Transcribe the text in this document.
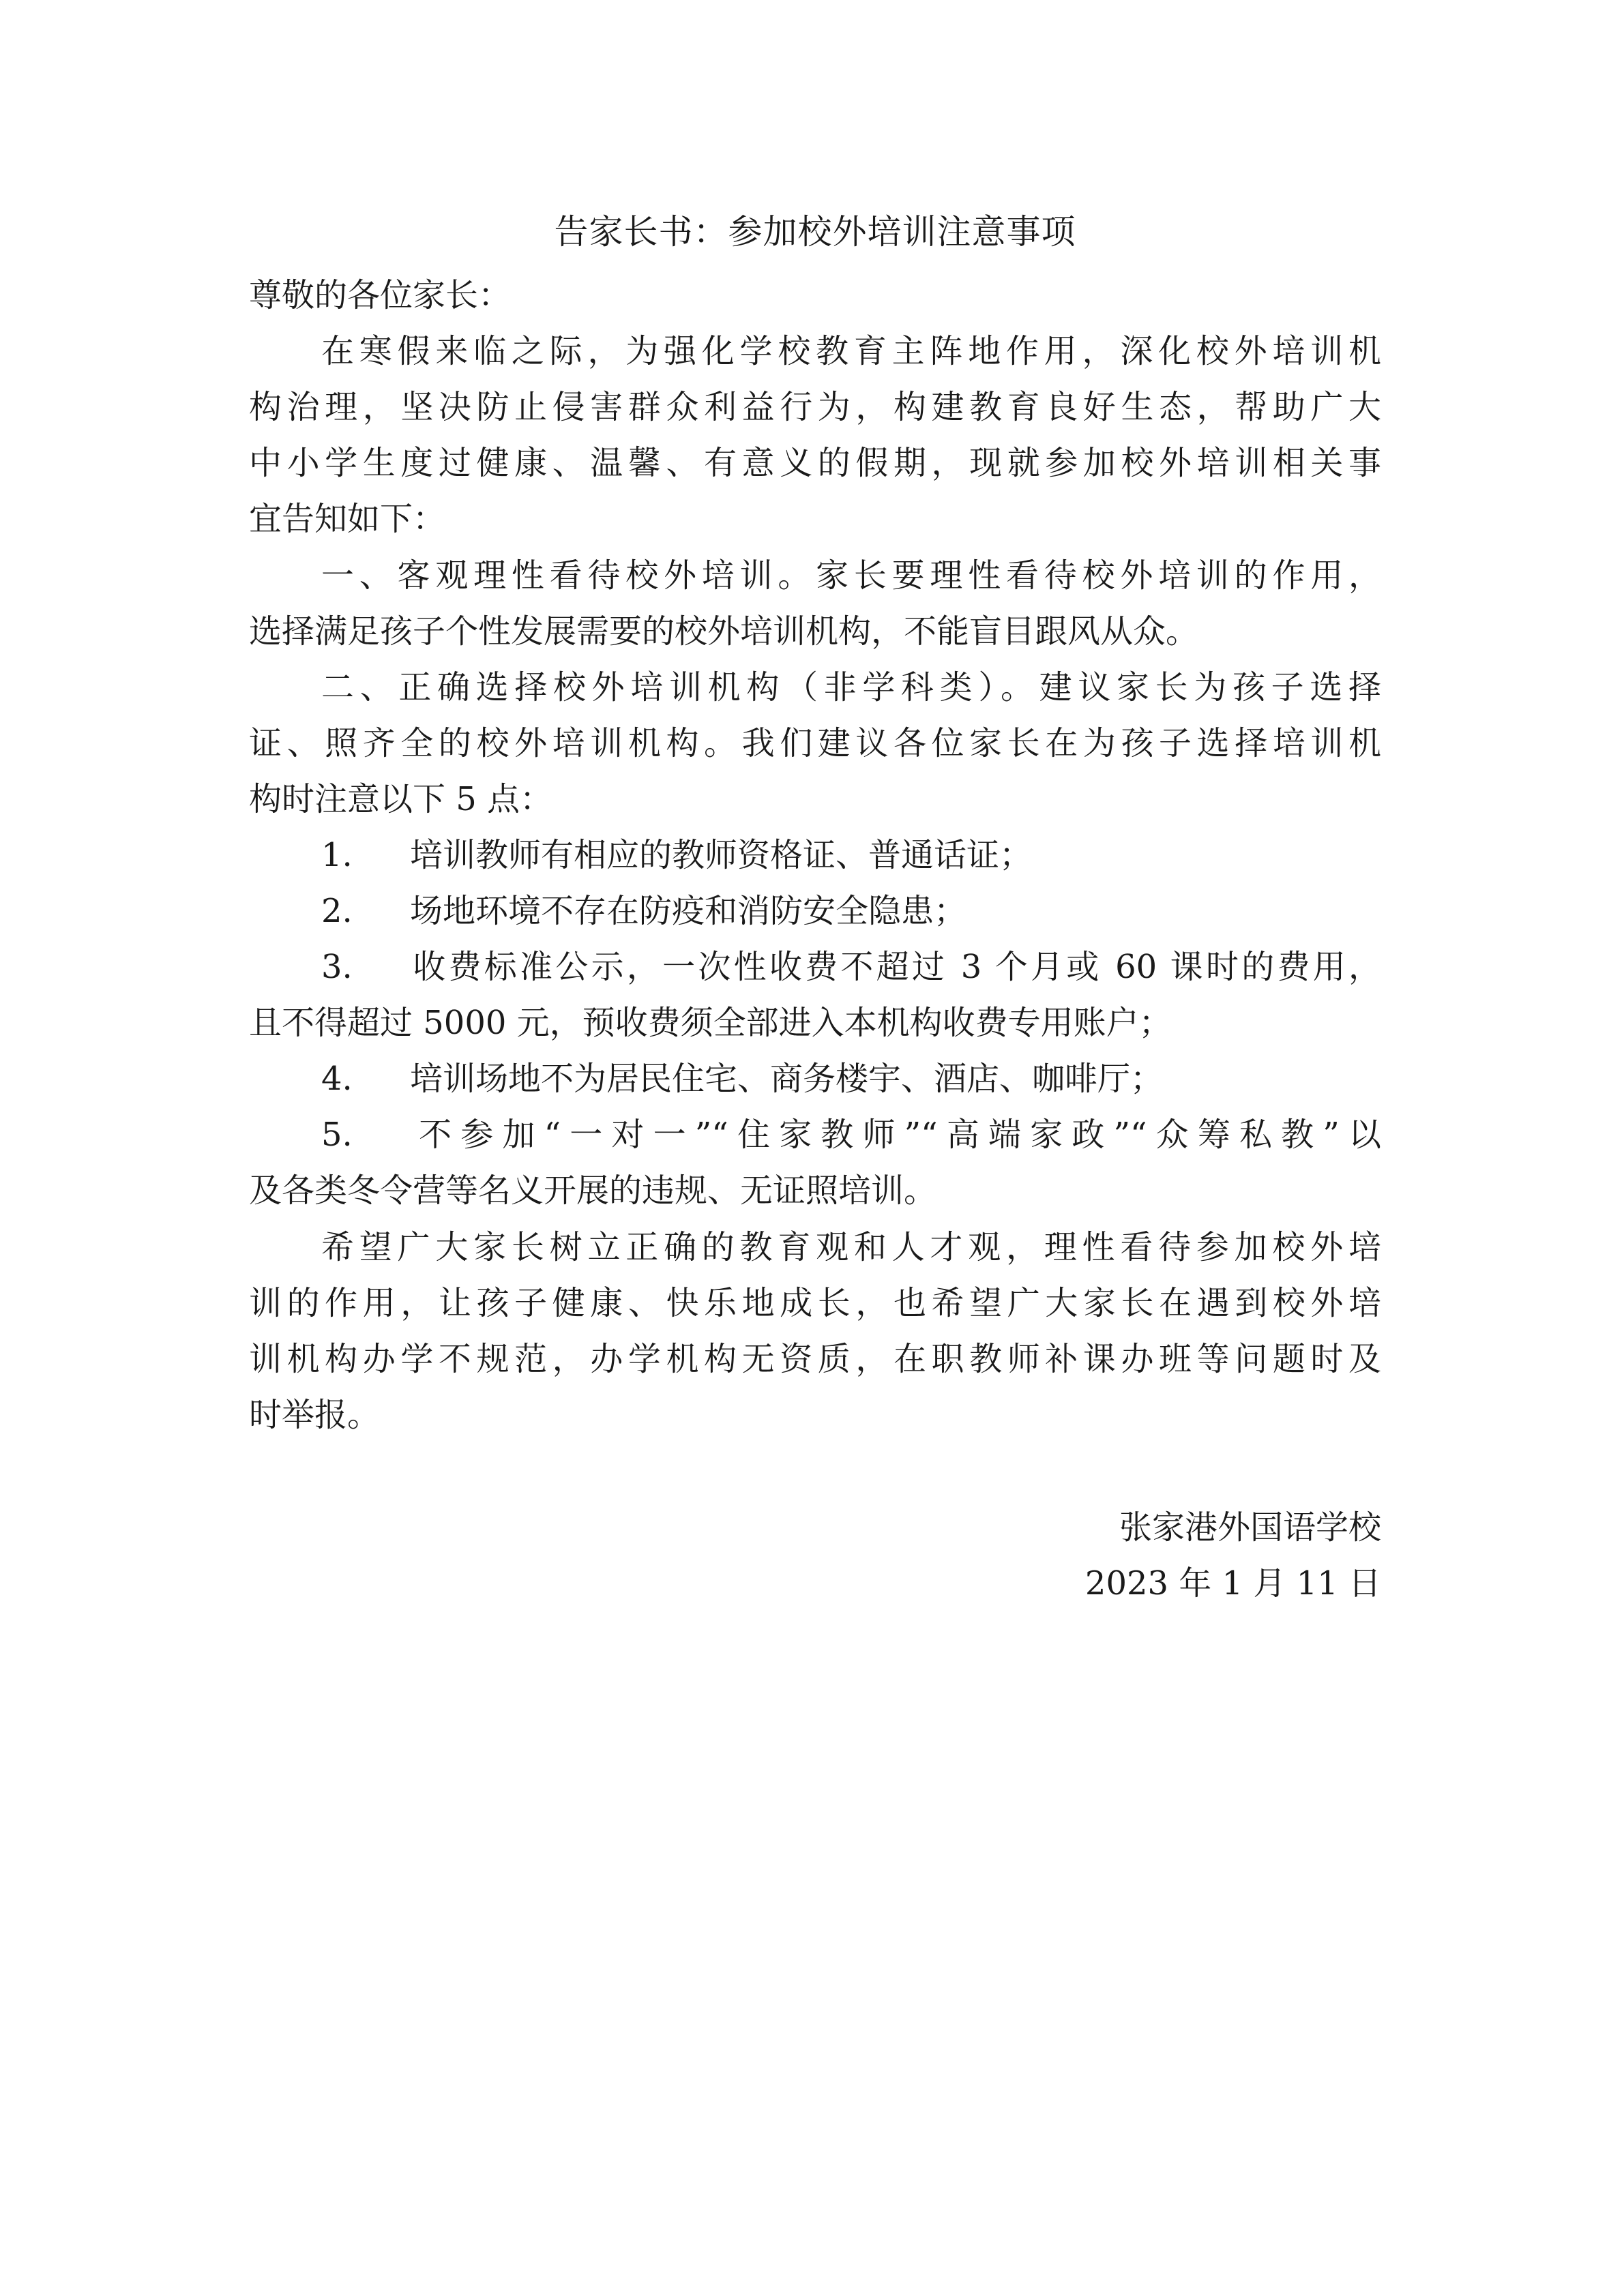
告家长书：参加校外培训注意事项
尊敬的各位家长：
在寒假来临之际，为强化学校教育主阵地作用，深化校外培训机
构治理，坚决防止侵害群众利益行为，构建教育良好生态，帮助广大
中小学生度过健康、温馨、有意义的假期，现就参加校外培训相关事
宜告知如下：
一、客观理性看待校外培训。家长要理性看待校外培训的作用，
选择满足孩子个性发展需要的校外培训机构，不能盲目跟风从众。
二、正确选择校外培训机构（非学科类）。建议家长为孩子选择
证、照齐全的校外培训机构。我们建议各位家长在为孩子选择培训机
构时注意以下 5 点：
1. 培训教师有相应的教师资格证、普通话证；
2. 场地环境不存在防疫和消防安全隐患；
3. 收费标准公示，一次性收费不超过 3 个月或 60 课时的费用，
且不得超过 5000 元，预收费须全部进入本机构收费专用账户；
4. 培训场地不为居民住宅、商务楼宇、酒店、咖啡厅；
5. 不参加“一对一”“住家教师”“高端家政”“众筹私教”以
及各类冬令营等名义开展的违规、无证照培训。
希望广大家长树立正确的教育观和人才观，理性看待参加校外培
训的作用，让孩子健康、快乐地成长，也希望广大家长在遇到校外培
训机构办学不规范，办学机构无资质，在职教师补课办班等问题时及
时举报。
张家港外国语学校
2023 年 1 月 11 日
